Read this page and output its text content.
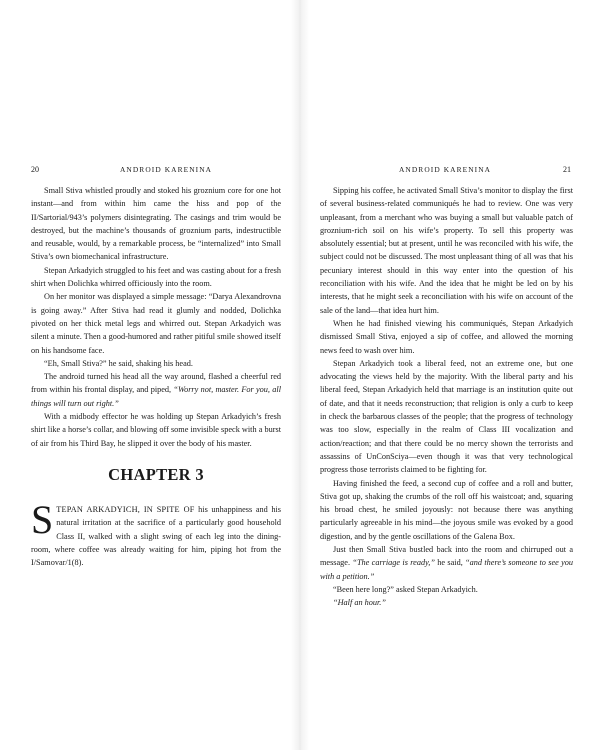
20	ANDROID KARENINA

Small Stiva whistled proudly and stoked his groznium core for one hot instant—and from within him came the hiss and pop of the II/Sartorial/943’s polymers disintegrating. The casings and trim would be destroyed, but the machine’s thousands of groznium parts, indestructible and reusable, would, by a remarkable process, be “internalized” into Small Stiva’s own biomechanical infrastructure.

Stepan Arkadyich struggled to his feet and was casting about for a fresh shirt when Dolichka whirred officiously into the room.

On her monitor was displayed a simple message: “Darya Alexandrovna is going away.” After Stiva had read it glumly and nodded, Dolichka pivoted on her thick metal legs and whirred out. Stepan Arkadyich was silent a minute. Then a good-humored and rather pitiful smile showed itself on his handsome face.

“Eh, Small Stiva?” he said, shaking his head.

The android turned his head all the way around, flashed a cheerful red from within his frontal display, and piped, “Worry not, master. For you, all things will turn out right.”

With a midbody effector he was holding up Stepan Arkadyich’s fresh shirt like a horse’s collar, and blowing off some invisible speck with a burst of air from his Third Bay, he slipped it over the body of his master.

CHAPTER 3

STEPAN ARKADYICH, IN SPITE OF his unhappiness and his natural irritation at the sacrifice of a particularly good household Class II, walked with a slight swing of each leg into the dining-room, where coffee was already waiting for him, piping hot from the I/Samovar/1(8).

ANDROID KARENINA	21

Sipping his coffee, he activated Small Stiva’s monitor to display the first of several business-related communiqués he had to review. One was very unpleasant, from a merchant who was buying a small but valuable patch of groznium-rich soil on his wife’s property. To sell this property was absolutely essential; but at present, until he was reconciled with his wife, the subject could not be discussed. The most unpleasant thing of all was that his pecuniary interest should in this way enter into the question of his reconciliation with his wife. And the idea that he might be led on by his interests, that he might seek a reconciliation with his wife on account of the sale of the land—that idea hurt him.

When he had finished viewing his communiqués, Stepan Arkadyich dismissed Small Stiva, enjoyed a sip of coffee, and allowed the morning news feed to wash over him.

Stepan Arkadyich took a liberal feed, not an extreme one, but one advocating the views held by the majority. With the liberal party and his liberal feed, Stepan Arkadyich held that marriage is an institution quite out of date, and that it needs reconstruction; that religion is only a curb to keep in check the barbarous classes of the people; that the progress of technology was too slow, especially in the realm of Class III vocalization and action/reaction; and that there could be no mercy shown the terrorists and assassins of UnConSciya—even though it was that very technological progress those terrorists claimed to be fighting for.

Having finished the feed, a second cup of coffee and a roll and butter, Stiva got up, shaking the crumbs of the roll off his waistcoat; and, squaring his broad chest, he smiled joyously: not because there was anything particularly agreeable in his mind—the joyous smile was evoked by a good digestion, and by the gentle oscillations of the Galena Box.

Just then Small Stiva bustled back into the room and chirruped out a message. “The carriage is ready,” he said, “and there’s someone to see you with a petition.”

“Been here long?” asked Stepan Arkadyich.

“Half an hour.”
